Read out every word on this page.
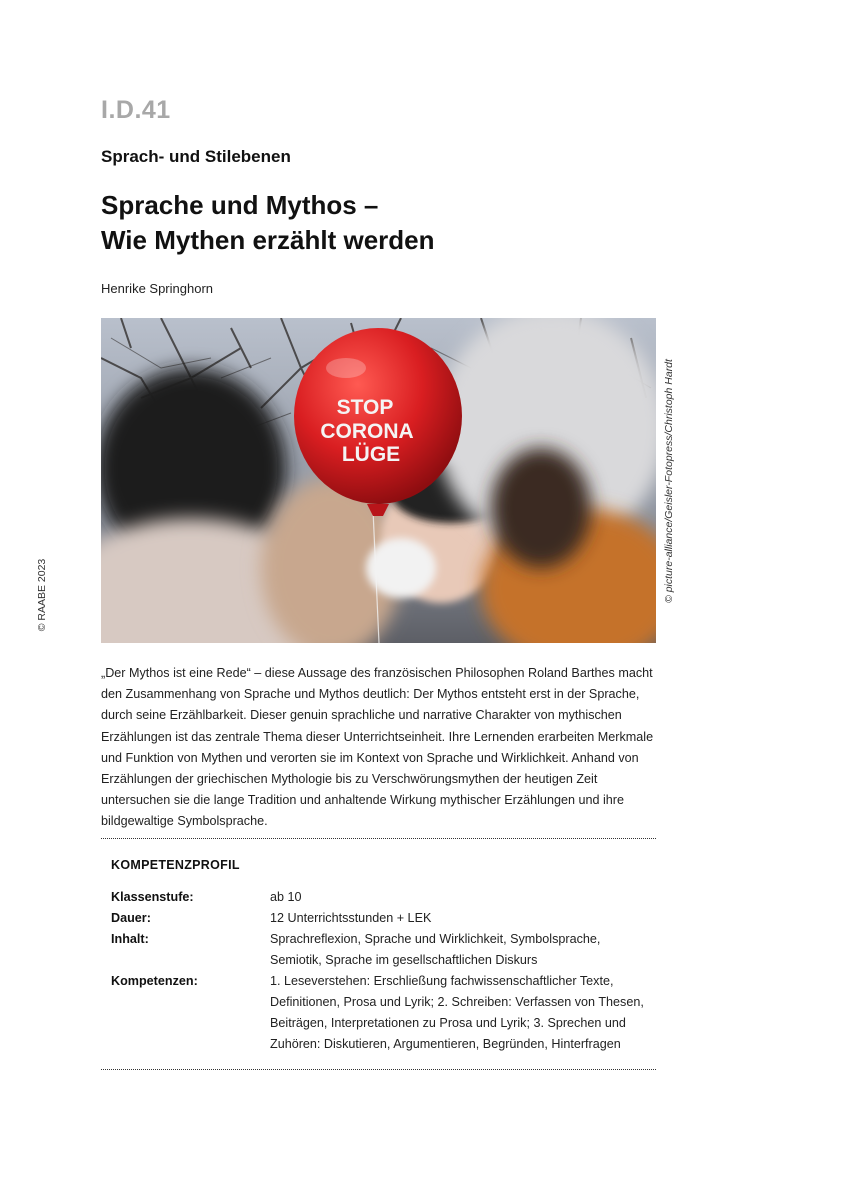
I.D.41
Sprach- und Stilebenen
Sprache und Mythos –
Wie Mythen erzählt werden
Henrike Springhorn
STOP
CORONA
LÜGE	© picture-alliance/Geisler-Fotopress/Christoph Hardt
© RAABE 2023

„Der Mythos ist eine Rede“ – diese Aussage des französischen Philosophen Roland Barthes macht den Zusammenhang von Sprache und Mythos deutlich: Der Mythos entsteht erst in der Sprache, durch seine Erzählbarkeit. Dieser genuin sprachliche und narrative Charakter von mythischen Erzählungen ist das zentrale Thema dieser Unterrichtseinheit. Ihre Lernenden erarbeiten Merkmale und Funktion von Mythen und verorten sie im Kontext von Sprache und Wirklichkeit. Anhand von Erzählungen der griechischen Mythologie bis zu Verschwörungsmythen der heutigen Zeit untersuchen sie die lange Tradition und anhaltende Wirkung mythischer Erzählungen und ihre bildgewaltige Symbolsprache.

KOMPETENZPROFIL
Klassenstufe:	ab 10
Dauer:	12 Unterrichtsstunden + LEK
Inhalt:	Sprachreflexion, Sprache und Wirklichkeit, Symbolsprache, Semiotik, Sprache im gesellschaftlichen Diskurs
Kompetenzen:	1. Leseverstehen: Erschließung fachwissenschaftlicher Texte, Definitionen, Prosa und Lyrik; 2. Schreiben: Verfassen von Thesen, Beiträgen, Interpretationen zu Prosa und Lyrik; 3. Sprechen und Zuhören: Diskutieren, Argumentieren, Begründen, Hinterfragen
